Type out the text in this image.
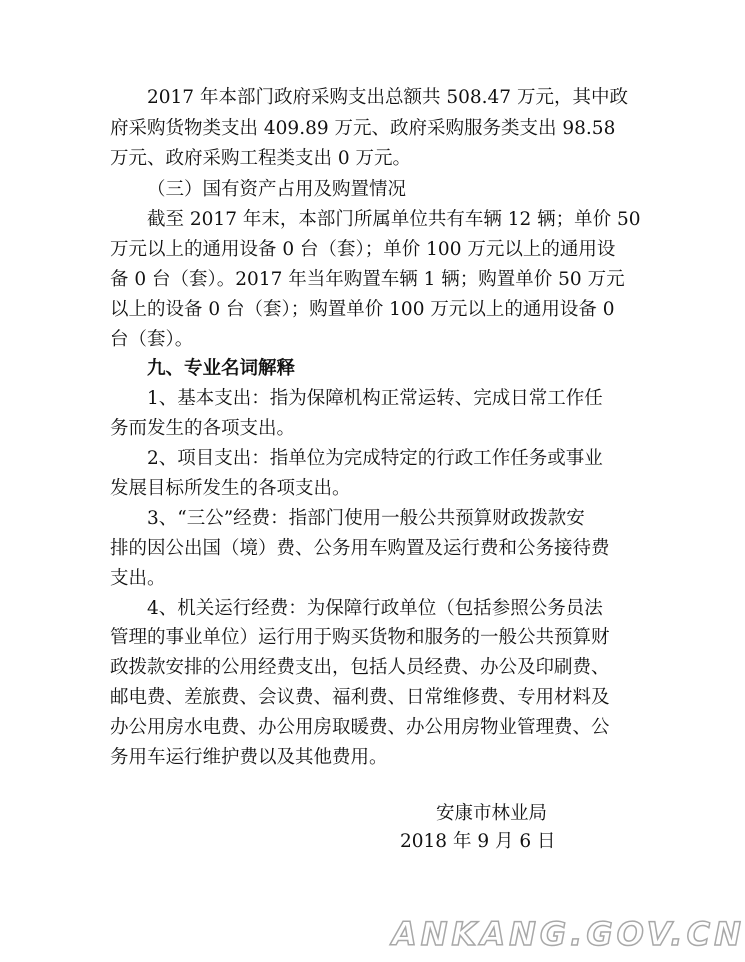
2017 年本部门政府采购支出总额共 508.47 万元，其中政
府采购货物类支出 409.89 万元、政府采购服务类支出 98.58
万元、政府采购工程类支出 0 万元。
（三）国有资产占用及购置情况
截至 2017 年末，本部门所属单位共有车辆 12 辆；单价 50
万元以上的通用设备 0 台（套）；单价 100 万元以上的通用设
备 0 台（套）。2017 年当年购置车辆 1 辆；购置单价 50 万元
以上的设备 0 台（套）；购置单价 100 万元以上的通用设备 0
台（套）。
九、专业名词解释
1、基本支出：指为保障机构正常运转、完成日常工作任
务而发生的各项支出。
2、项目支出：指单位为完成特定的行政工作任务或事业
发展目标所发生的各项支出。
3、“三公”经费：指部门使用一般公共预算财政拨款安
排的因公出国（境）费、公务用车购置及运行费和公务接待费
支出。
4、机关运行经费：为保障行政单位（包括参照公务员法
管理的事业单位）运行用于购买货物和服务的一般公共预算财
政拨款安排的公用经费支出，包括人员经费、办公及印刷费、
邮电费、差旅费、会议费、福利费、日常维修费、专用材料及
办公用房水电费、办公用房取暖费、办公用房物业管理费、公
务用车运行维护费以及其他费用。
安康市林业局
2018 年 9 月 6 日
ANKANG.GOV.CN
